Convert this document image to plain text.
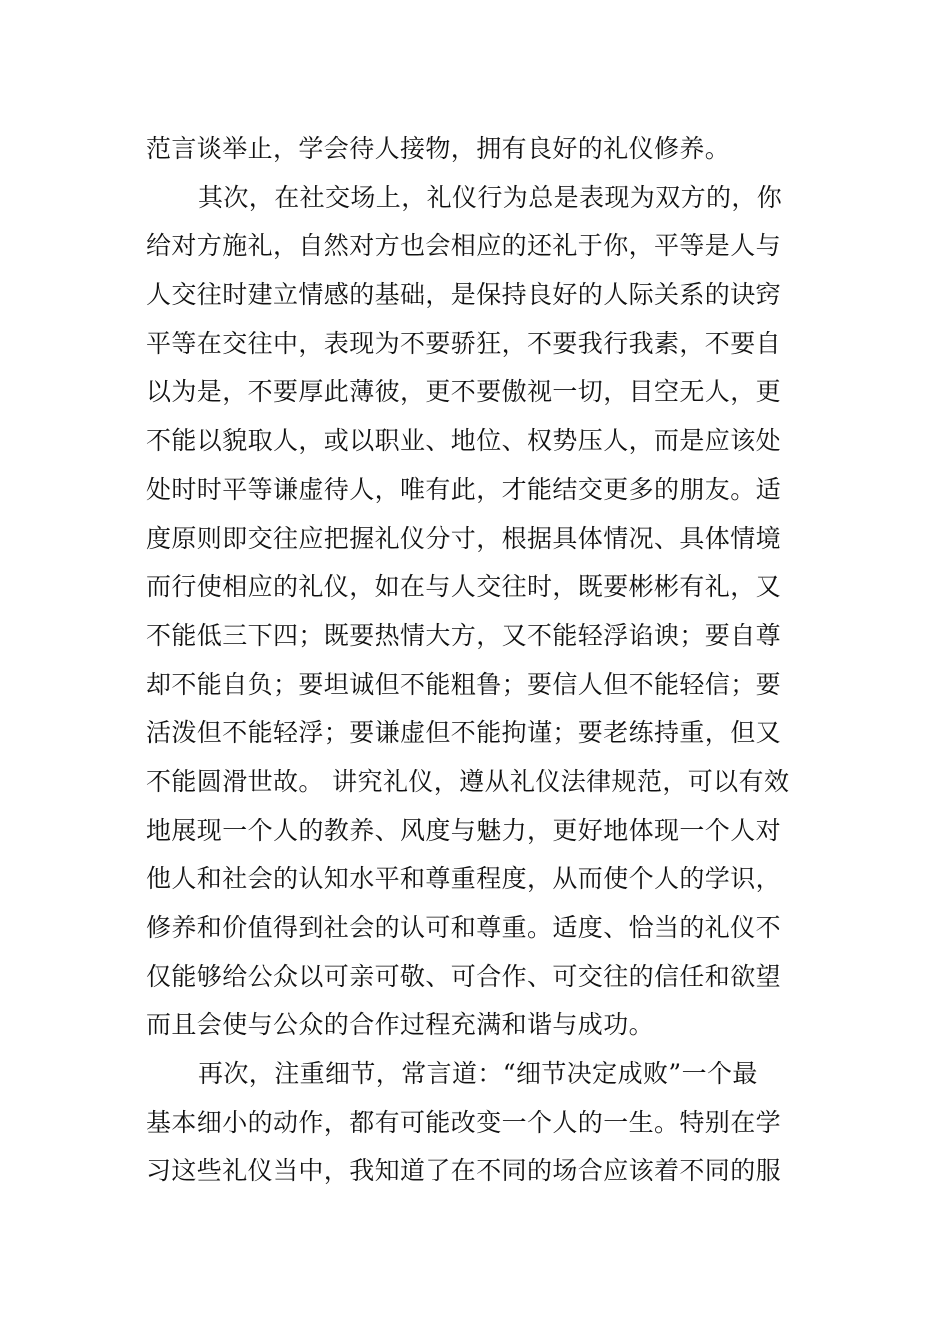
范言谈举止，学会待人接物，拥有良好的礼仪修养。
其次，在社交场上，礼仪行为总是表现为双方的，你
给对方施礼，自然对方也会相应的还礼于你，平等是人与
人交往时建立情感的基础，是保持良好的人际关系的诀窍
平等在交往中，表现为不要骄狂，不要我行我素，不要自
以为是，不要厚此薄彼，更不要傲视一切，目空无人，更
不能以貌取人，或以职业、地位、权势压人，而是应该处
处时时平等谦虚待人，唯有此，才能结交更多的朋友。适
度原则即交往应把握礼仪分寸，根据具体情况、具体情境
而行使相应的礼仪，如在与人交往时，既要彬彬有礼，又
不能低三下四；既要热情大方，又不能轻浮谄谀；要自尊
却不能自负；要坦诚但不能粗鲁；要信人但不能轻信；要
活泼但不能轻浮；要谦虚但不能拘谨；要老练持重，但又
不能圆滑世故。 讲究礼仪，遵从礼仪法律规范，可以有效
地展现一个人的教养、风度与魅力，更好地体现一个人对
他人和社会的认知水平和尊重程度，从而使个人的学识，
修养和价值得到社会的认可和尊重。适度、恰当的礼仪不
仅能够给公众以可亲可敬、可合作、可交往的信任和欲望
而且会使与公众的合作过程充满和谐与成功。
再次，注重细节，常言道：“细节决定成败”一个最
基本细小的动作，都有可能改变一个人的一生。特别在学
习这些礼仪当中，我知道了在不同的场合应该着不同的服
